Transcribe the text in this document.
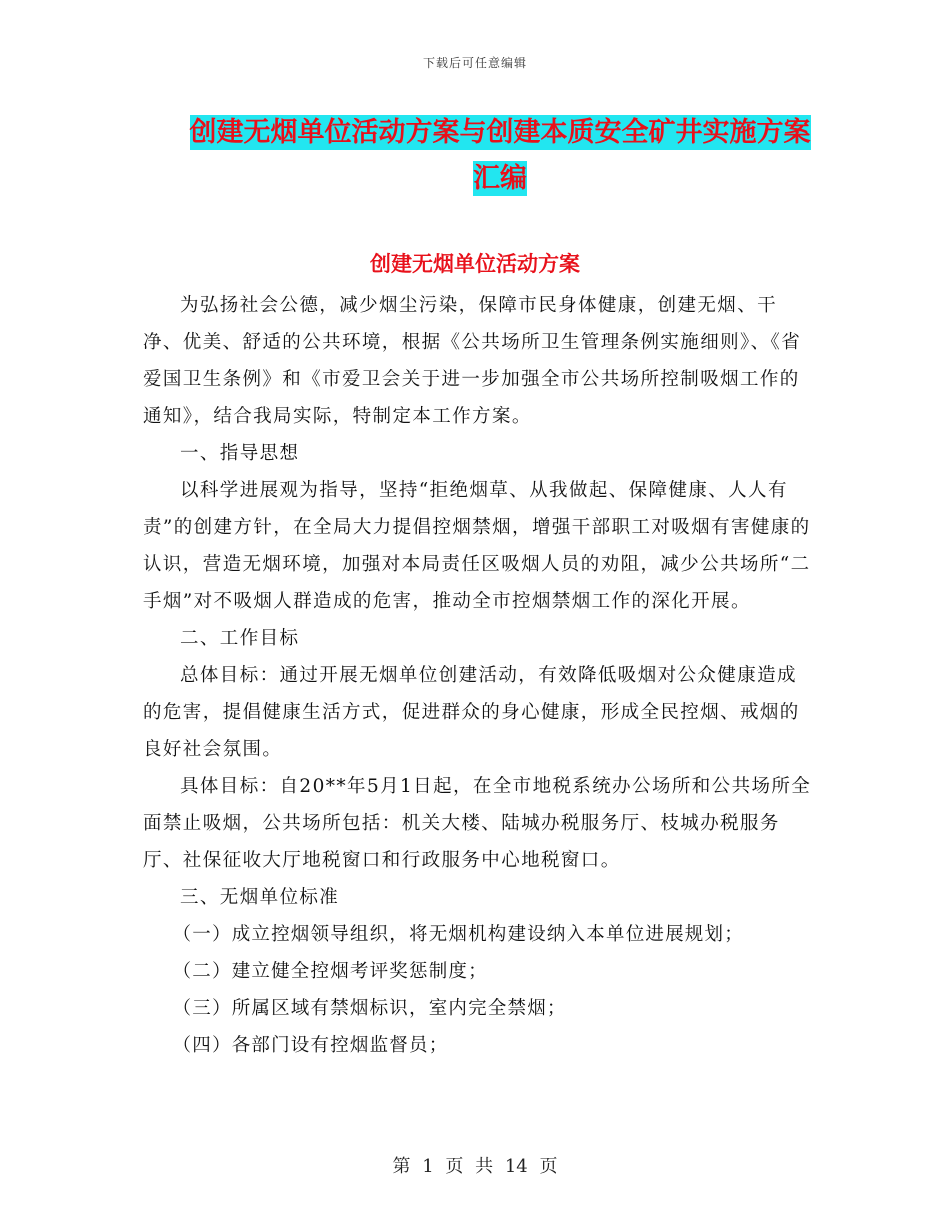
下载后可任意编辑
创建无烟单位活动方案与创建本质安全矿井实施方案
汇编
创建无烟单位活动方案

为弘扬社会公德，减少烟尘污染，保障市民身体健康，创建无烟、干净、优美、舒适的公共环境，根据《公共场所卫生管理条例实施细则》、《省爱国卫生条例》和《市爱卫会关于进一步加强全市公共场所控制吸烟工作的通知》，结合我局实际，特制定本工作方案。

一、指导思想

以科学进展观为指导，坚持“拒绝烟草、从我做起、保障健康、人人有责”的创建方针，在全局大力提倡控烟禁烟，增强干部职工对吸烟有害健康的认识，营造无烟环境，加强对本局责任区吸烟人员的劝阻，减少公共场所“二手烟”对不吸烟人群造成的危害，推动全市控烟禁烟工作的深化开展。

二、工作目标

总体目标：通过开展无烟单位创建活动，有效降低吸烟对公众健康造成的危害，提倡健康生活方式，促进群众的身心健康，形成全民控烟、戒烟的良好社会氛围。

具体目标：自20**年5月1日起，在全市地税系统办公场所和公共场所全面禁止吸烟，公共场所包括：机关大楼、陆城办税服务厅、枝城办税服务厅、社保征收大厅地税窗口和行政服务中心地税窗口。

三、无烟单位标准

（一）成立控烟领导组织，将无烟机构建设纳入本单位进展规划；

（二）建立健全控烟考评奖惩制度；

（三）所属区域有禁烟标识，室内完全禁烟；

（四）各部门设有控烟监督员；

第 1 页 共 14 页
